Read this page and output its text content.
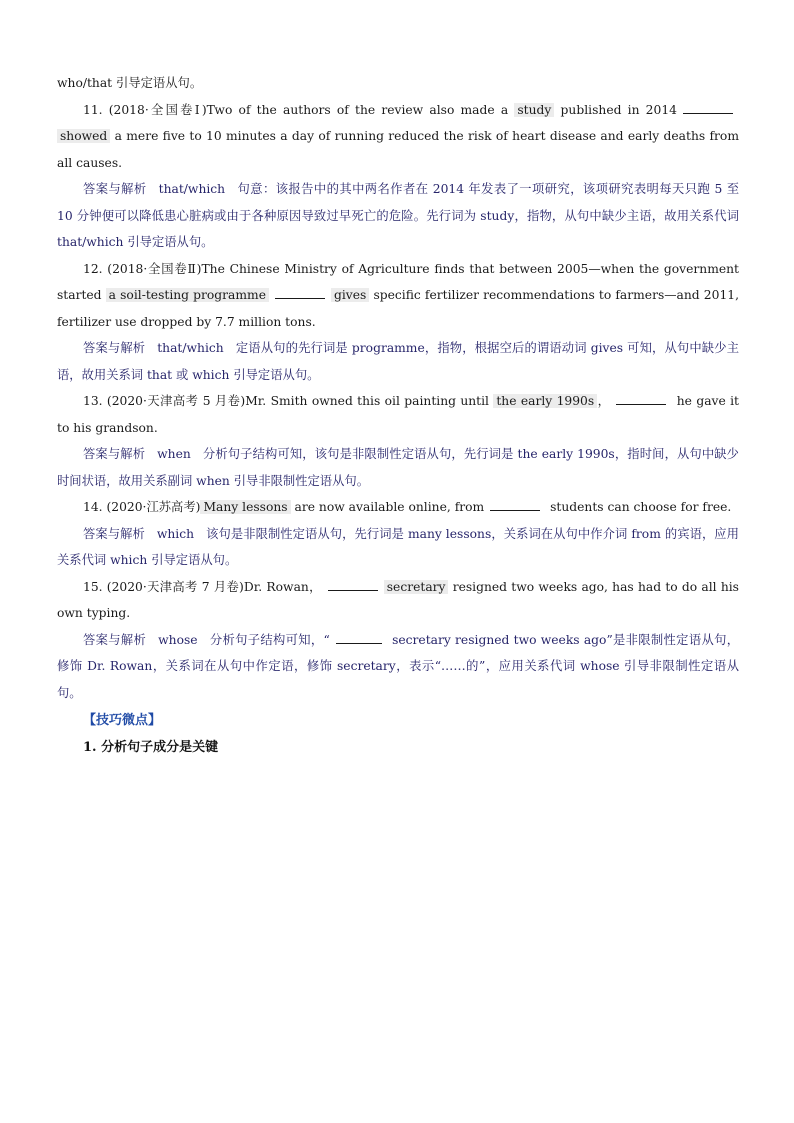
who/that 引导定语从句。

11. (2018·全国卷Ⅰ)Two of the authors of the review also made a study published in 2014showed a mere five to 10 minutes a day of running reduced the risk of heart disease and early deaths from all causes.

答案与解析 that/which 句意：该报告中的其中两名作者在 2014 年发表了一项研究，该项研究表明每天只跑 5 至 10 分钟便可以降低患心脏病或由于各种原因导致过早死亡的危险。先行词为 study，指物，从句中缺少主语，故用关系代词 that/which 引导定语从句。

12. (2018·全国卷Ⅱ)The Chinese Ministry of Agriculture finds that between 2005—when the government started a soil-testing programme	gives specific fertilizer recommendations to farmers—and 2011, fertilizer use dropped by 7.7 million tons.

答案与解析 that/which 定语从句的先行词是 programme，指物，根据空后的谓语动词 gives 可知，从句中缺少主语，故用关系词 that 或 which 引导定语从句。

13. (2020·天津高考 5 月卷)Mr. Smith owned this oil painting until the early 1990s ，	he gave it to his grandson.

答案与解析 when 分析句子结构可知，该句是非限制性定语从句，先行词是 the early 1990s，指时间，从句中缺少时间状语，故用关系副词 when 引导非限制性定语从句。

14. (2020·江苏高考) Many lessons are now available online, from	students can choose for free.

答案与解析 which 该句是非限制性定语从句，先行词是 many lessons，关系词在从句中作介词 from 的宾语，应用关系代词 which 引导定语从句。

15. (2020·天津高考 7 月卷)Dr. Rowan，	secretary resigned two weeks ago, has had to do all his own typing.

答案与解析 whose 分析句子结构可知，“	secretary resigned two weeks ago”是非限制性定语从句，修饰 Dr. Rowan，关系词在从句中作定语，修饰 secretary，表示“……的”，应用关系代词 whose 引导非限制性定语从句。

【技巧微点】

1. 分析句子成分是关键
